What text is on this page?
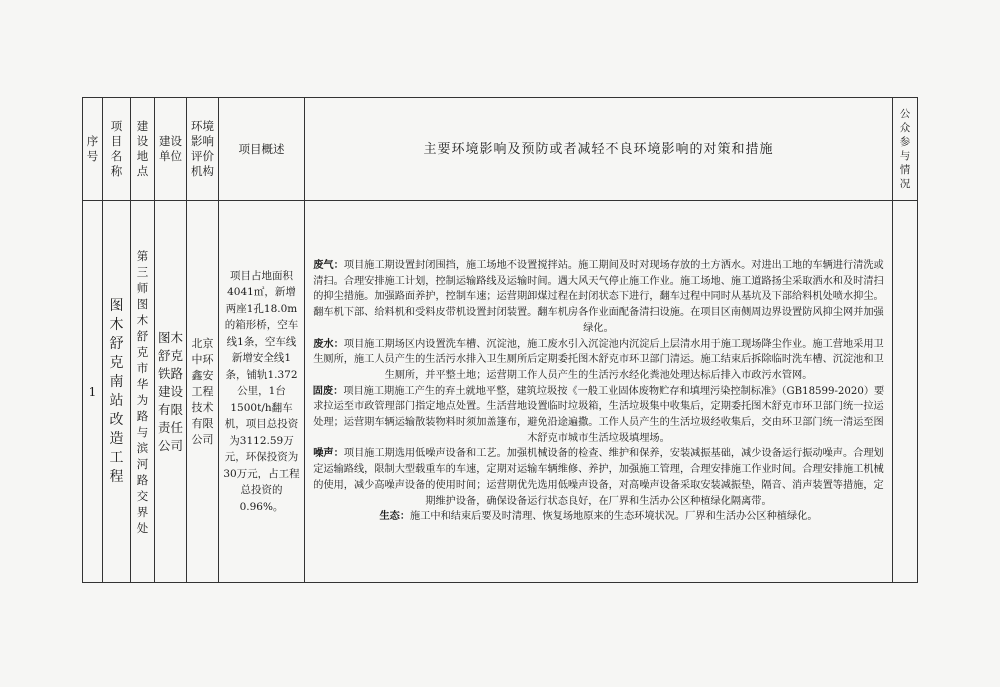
序号	项目名称	建设地点	建设单位	环境影响评价机构	项目概述	主要环境影响及预防或者减轻不良环境影响的对策和措施	公众参与情况

1	图木舒克南站改造工程	第三师图木舒克市华为路与滨河路交界处	图木舒克铁路建设有限责任公司	北京中环鑫安工程技术有限公司	项目占地面积4041㎡，新增两座1孔18.0m的箱形桥，空车线1条，空车线新增安全线1条，铺轨1.372公里，1台1500t/h翻车机，项目总投资为3112.59万元，环保投资为30万元，占工程总投资的0.96%。	废气：项目施工期设置封闭围挡，施工场地不设置搅拌站。施工期间及时对现场存放的土方洒水。对进出工地的车辆进行清洗或清扫。合理安排施工计划，控制运输路线及运输时间。遇大风天气停止施工作业。施工场地、施工道路扬尘采取洒水和及时清扫的抑尘措施。加强路面养护，控制车速；运营期卸煤过程在封闭状态下进行，翻车过程中同时从基坑及下部给料机处喷水抑尘。翻车机下部、给料机和受料皮带机设置封闭装置。翻车机房各作业面配备清扫设施。在项目区南侧周边界设置防风抑尘网并加强绿化。

废水：项目施工期场区内设置洗车槽、沉淀池，施工废水引入沉淀池内沉淀后上层清水用于施工现场降尘作业。施工营地采用卫生厕所，施工人员产生的生活污水排入卫生厕所后定期委托图木舒克市环卫部门清运。施工结束后拆除临时洗车槽、沉淀池和卫生厕所，并平整土地；运营期工作人员产生的生活污水经化粪池处理达标后排入市政污水管网。

固废：项目施工期施工产生的弃土就地平整，建筑垃圾按《一般工业固体废物贮存和填埋污染控制标准》（GB18599-2020）要求拉运至市政管理部门指定地点处置。生活营地设置临时垃圾箱，生活垃圾集中收集后，定期委托图木舒克市环卫部门统一拉运处理；运营期车辆运输散装物料时须加盖篷布，避免沿途遍撒。工作人员产生的生活垃圾经收集后，交由环卫部门统一清运至图木舒克市城市生活垃圾填埋场。

噪声：项目施工期选用低噪声设备和工艺。加强机械设备的检查、维护和保养，安装减振基础，减少设备运行振动噪声。合理划定运输路线，限制大型载重车的车速，定期对运输车辆维修、养护，加强施工管理，合理安排施工作业时间。合理安排施工机械的使用，减少高噪声设备的使用时间；运营期优先选用低噪声设备，对高噪声设备采取安装减振垫，隔音、消声装置等措施，定期维护设备，确保设备运行状态良好，在厂界和生活办公区种植绿化隔离带。

生态：施工中和结束后要及时清理、恢复场地原来的生态环境状况。厂界和生活办公区种植绿化。	
